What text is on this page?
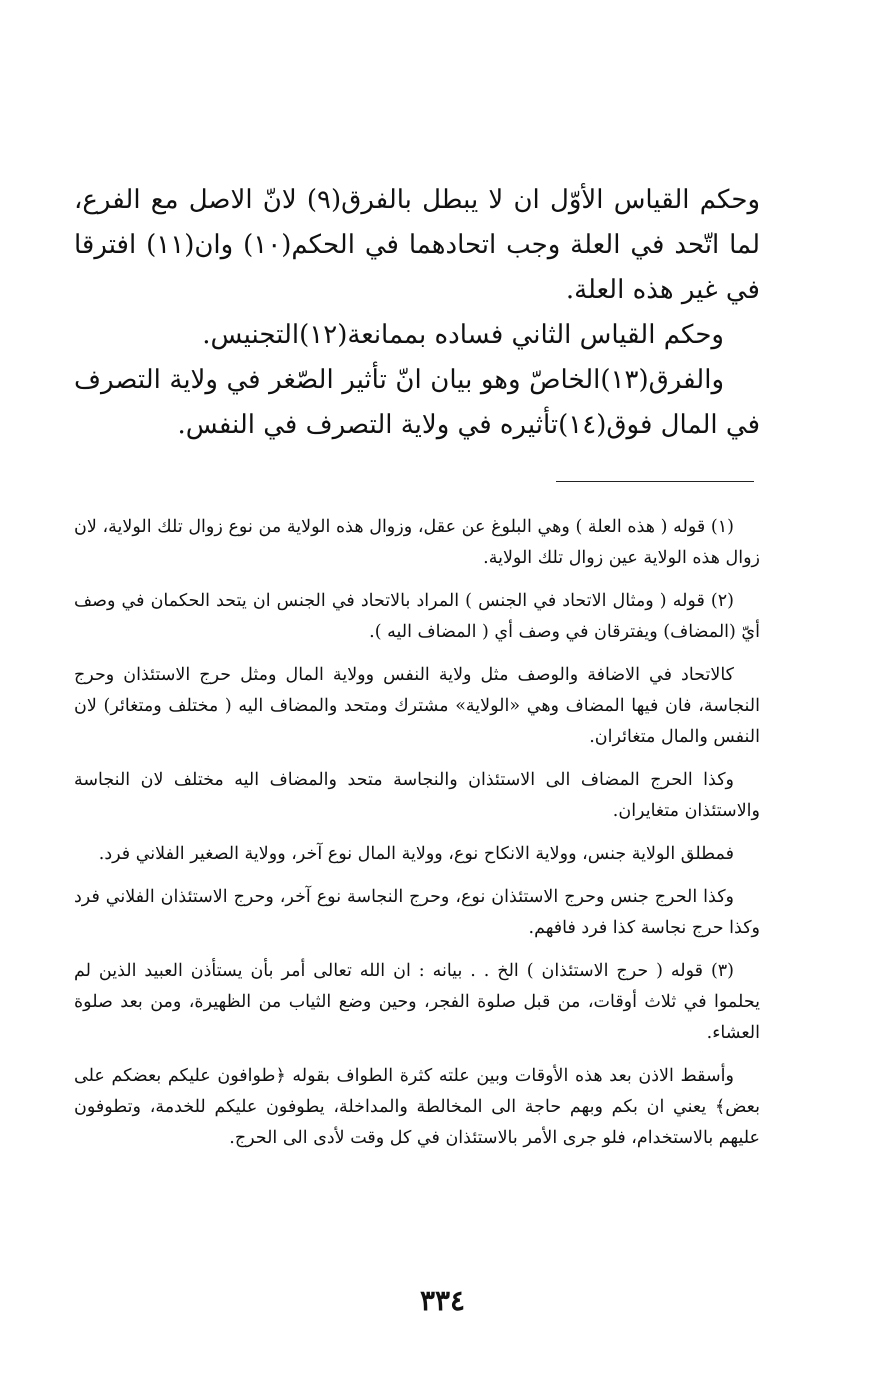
وحكم القياس الأوّل ان لا يبطل بالفرق(٩) لانّ الاصل مع الفرع، لما اتّحد في العلة وجب اتحادهما في الحكم(١٠) وان(١١) افترقا في غير هذه العلة.

وحكم القياس الثاني فساده بممانعة(١٢)التجنيس.

والفرق(١٣)الخاصّ وهو بيان انّ تأثير الصّغر في ولاية التصرف في المال فوق(١٤)تأثيره في ولاية التصرف في النفس.

(١) قوله ( هذه العلة ) وهي البلوغ عن عقل، وزوال هذه الولاية من نوع زوال تلك الولاية، لان زوال هذه الولاية عين زوال تلك الولاية.

(٢) قوله ( ومثال الاتحاد في الجنس ) المراد بالاتحاد في الجنس ان يتحد الحكمان في وصف أيّ (المضاف) ويفترقان في وصف أي ( المضاف اليه ).

كالاتحاد في الاضافة والوصف مثل ولاية النفس وولاية المال ومثل حرج الاستئذان وحرج النجاسة، فان فيها المضاف وهي «الولاية» مشترك ومتحد والمضاف اليه ( مختلف ومتغائر) لان النفس والمال متغائران.

وكذا الحرج المضاف الى الاستئذان والنجاسة متحد والمضاف اليه مختلف لان النجاسة والاستئذان متغايران.

فمطلق الولاية جنس، وولاية الانكاح نوع، وولاية المال نوع آخر، وولاية الصغير الفلاني فرد.

وكذا الحرج جنس وحرج الاستئذان نوع، وحرج النجاسة نوع آخر، وحرج الاستئذان الفلاني فرد وكذا حرج نجاسة كذا فرد فافهم.

(٣) قوله ( حرج الاستئذان ) الخ . . بيانه : ان الله تعالى أمر بأن يستأذن العبيد الذين لم يحلموا في ثلاث أوقات، من قبل صلوة الفجر، وحين وضع الثياب من الظهيرة، ومن بعد صلوة العشاء.

وأسقط الاذن بعد هذه الأوقات وبين علته كثرة الطواف بقوله ﴿طوافون عليكم بعضكم على بعض﴾ يعني ان بكم وبهم حاجة الى المخالطة والمداخلة، يطوفون عليكم للخدمة، وتطوفون عليهم بالاستخدام، فلو جرى الأمر بالاستئذان في كل وقت لأدى الى الحرج.

٣٣٤
